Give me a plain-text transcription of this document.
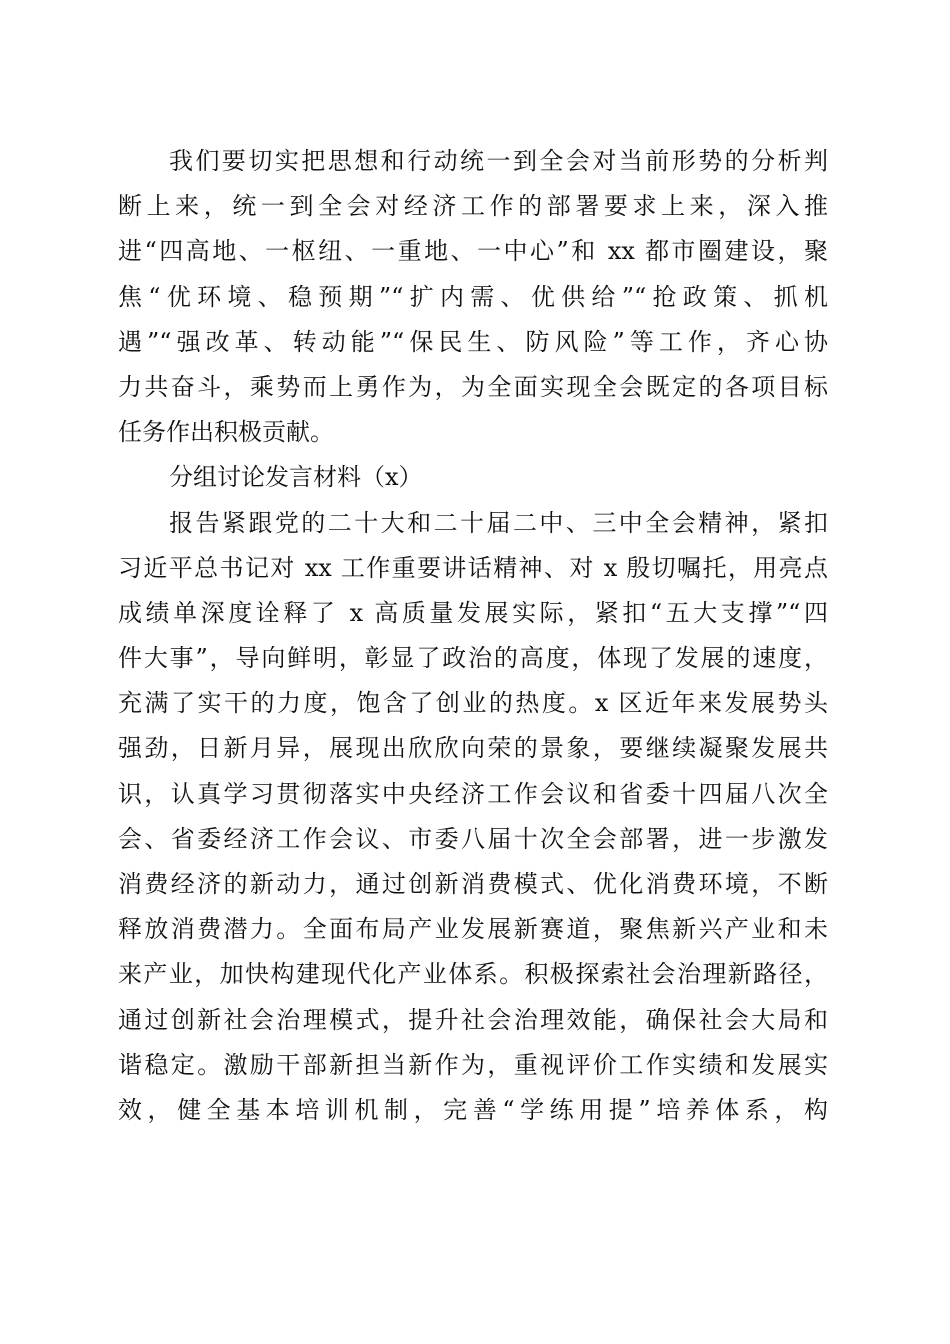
我们要切实把思想和行动统一到全会对当前形势的分析判
断上来，统一到全会对经济工作的部署要求上来，深入推
进“四高地、一枢纽、一重地、一中心”和 xx 都市圈建设，聚
焦“优环境、稳预期”“扩内需、优供给”“抢政策、抓机
遇”“强改革、转动能”“保民生、防风险”等工作，齐心协
力共奋斗，乘势而上勇作为，为全面实现全会既定的各项目标
任务作出积极贡献。
分组讨论发言材料（x）
报告紧跟党的二十大和二十届二中、三中全会精神，紧扣
习近平总书记对 xx 工作重要讲话精神、对 x 殷切嘱托，用亮点
成绩单深度诠释了 x 高质量发展实际，紧扣“五大支撑”“四
件大事”，导向鲜明，彰显了政治的高度，体现了发展的速度，
充满了实干的力度，饱含了创业的热度。x 区近年来发展势头
强劲，日新月异，展现出欣欣向荣的景象，要继续凝聚发展共
识，认真学习贯彻落实中央经济工作会议和省委十四届八次全
会、省委经济工作会议、市委八届十次全会部署，进一步激发
消费经济的新动力，通过创新消费模式、优化消费环境，不断
释放消费潜力。全面布局产业发展新赛道，聚焦新兴产业和未
来产业，加快构建现代化产业体系。积极探索社会治理新路径，
通过创新社会治理模式，提升社会治理效能，确保社会大局和
谐稳定。激励干部新担当新作为，重视评价工作实绩和发展实
效，健全基本培训机制，完善“学练用提”培养体系，构
